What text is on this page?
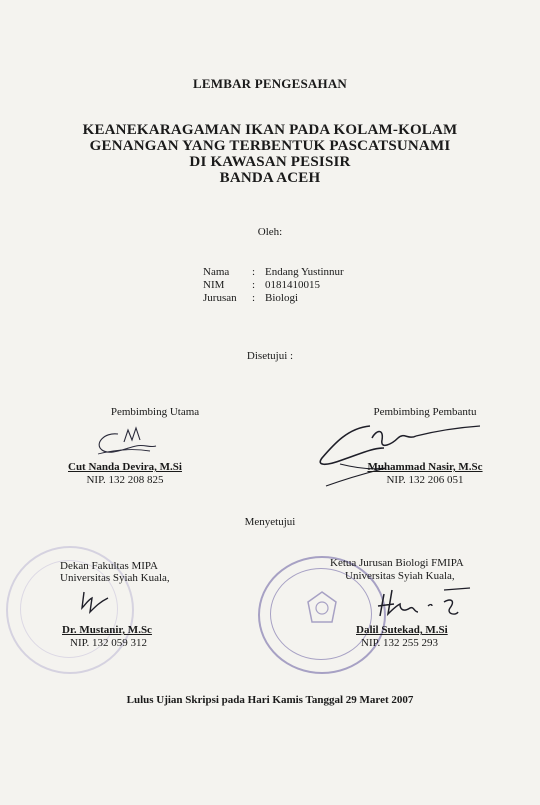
LEMBAR PENGESAHAN
KEANEKARAGAMAN IKAN PADA KOLAM-KOLAM
GENANGAN YANG TERBENTUK PASCATSUNAMI
DI KAWASAN PESISIR
BANDA ACEH
Oleh:
Nama : Endang Yustinnur
NIM	: 0181410015
Jurusan : Biologi
Disetujui :
Pembimbing Utama
Cut Nanda Devira, M.Si
NIP. 132 208 825
Pembimbing Pembantu
Muhammad Nasir, M.Sc
NIP. 132 206 051
Menyetujui
Dekan Fakultas MIPA
Universitas Syiah Kuala,
Dr. Mustanir, M.Sc
NIP. 132 059 312
Ketua Jurusan Biologi FMIPA
Universitas Syiah Kuala,
Dalil Sutekad, M.Si
NIP. 132 255 293
Lulus Ujian Skripsi pada Hari Kamis Tanggal 29 Maret 2007
